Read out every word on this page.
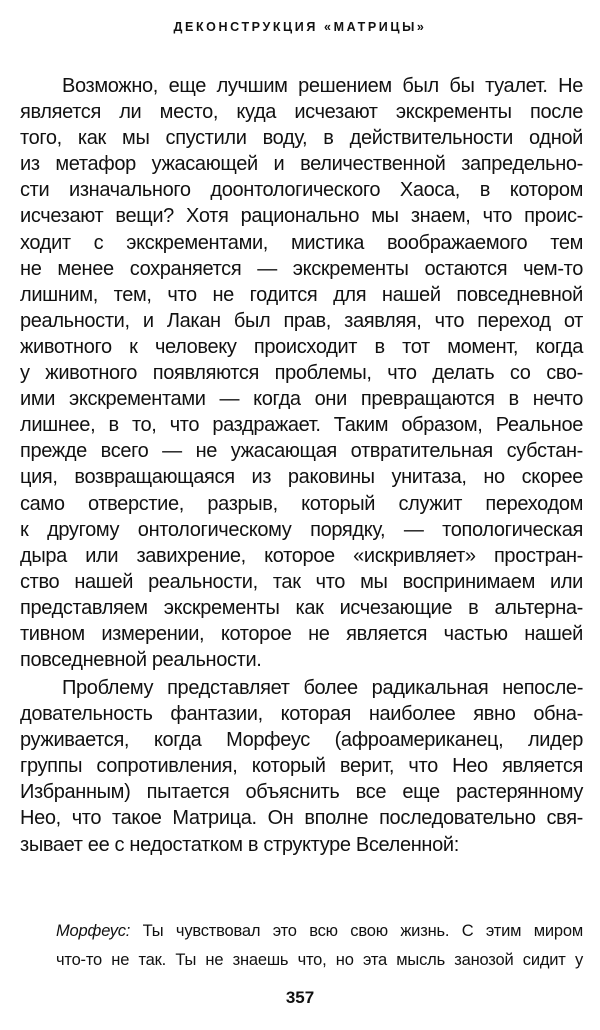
ДЕКОНСТРУКЦИЯ «МАТРИЦЫ»
Возможно, еще лучшим решением был бы туалет. Не
является ли место, куда исчезают экскременты после
того, как мы спустили воду, в действительности одной
из метафор ужасающей и величественной запредельно-
сти изначального доонтологического Хаоса, в котором
исчезают вещи? Хотя рационально мы знаем, что проис-
ходит с экскрементами, мистика воображаемого тем
не менее сохраняется — экскременты остаются чем-то
лишним, тем, что не годится для нашей повседневной
реальности, и Лакан был прав, заявляя, что переход от
животного к человеку происходит в тот момент, когда
у животного появляются проблемы, что делать со сво-
ими экскрементами — когда они превращаются в нечто
лишнее, в то, что раздражает. Таким образом, Реальное
прежде всего — не ужасающая отвратительная субстан-
ция, возвращающаяся из раковины унитаза, но скорее
само отверстие, разрыв, который служит переходом
к другому онтологическому порядку, — топологическая
дыра или завихрение, которое «искривляет» простран-
ство нашей реальности, так что мы воспринимаем или
представляем экскременты как исчезающие в альтерна-
тивном измерении, которое не является частью нашей
повседневной реальности.
Проблему представляет более радикальная непосле-
довательность фантазии, которая наиболее явно обна-
руживается, когда Морфеус (афроамериканец, лидер
группы сопротивления, который верит, что Нео является
Избранным) пытается объяснить все еще растерянному
Нео, что такое Матрица. Он вполне последовательно свя-
зывает ее с недостатком в структуре Вселенной:
Морфеус: Ты чувствовал это всю свою жизнь. С этим миром
что-то не так. Ты не знаешь что, но эта мысль занозой сидит у
357
